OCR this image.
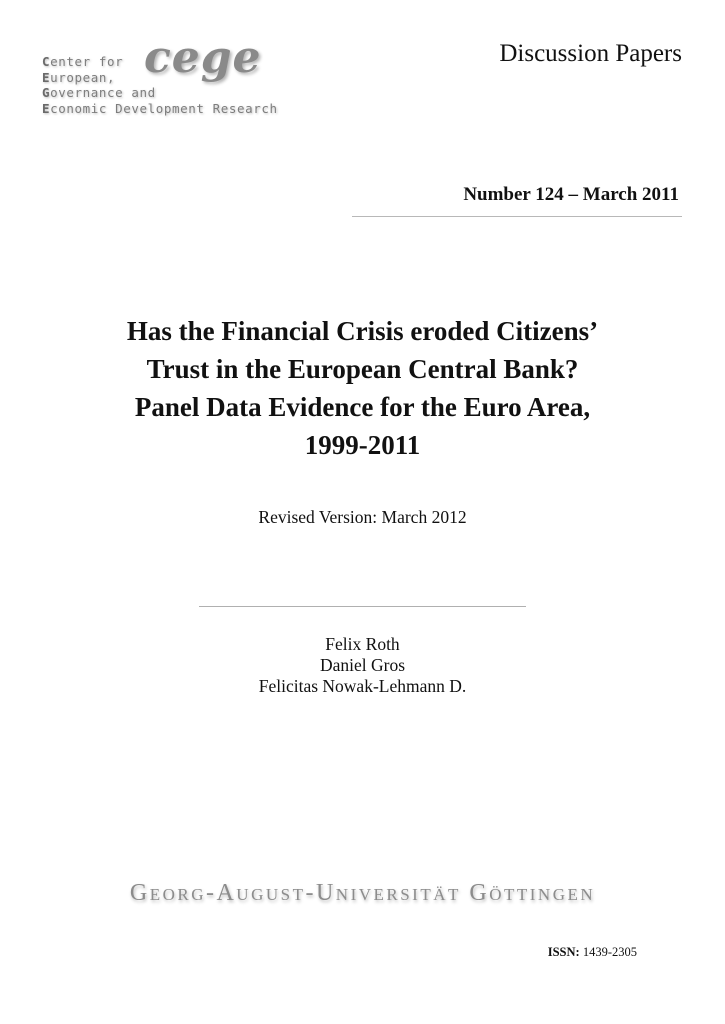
cege
Center for
European,
Governance and
Economic Development Research
Discussion Papers
Number 124 – March 2011
Has the Financial Crisis eroded Citizens’
Trust in the European Central Bank?
Panel Data Evidence for the Euro Area,
1999-2011
Revised Version: March 2012
Felix Roth
Daniel Gros
Felicitas Nowak-Lehmann D.
Georg-August-Universität Göttingen
ISSN: 1439-2305
